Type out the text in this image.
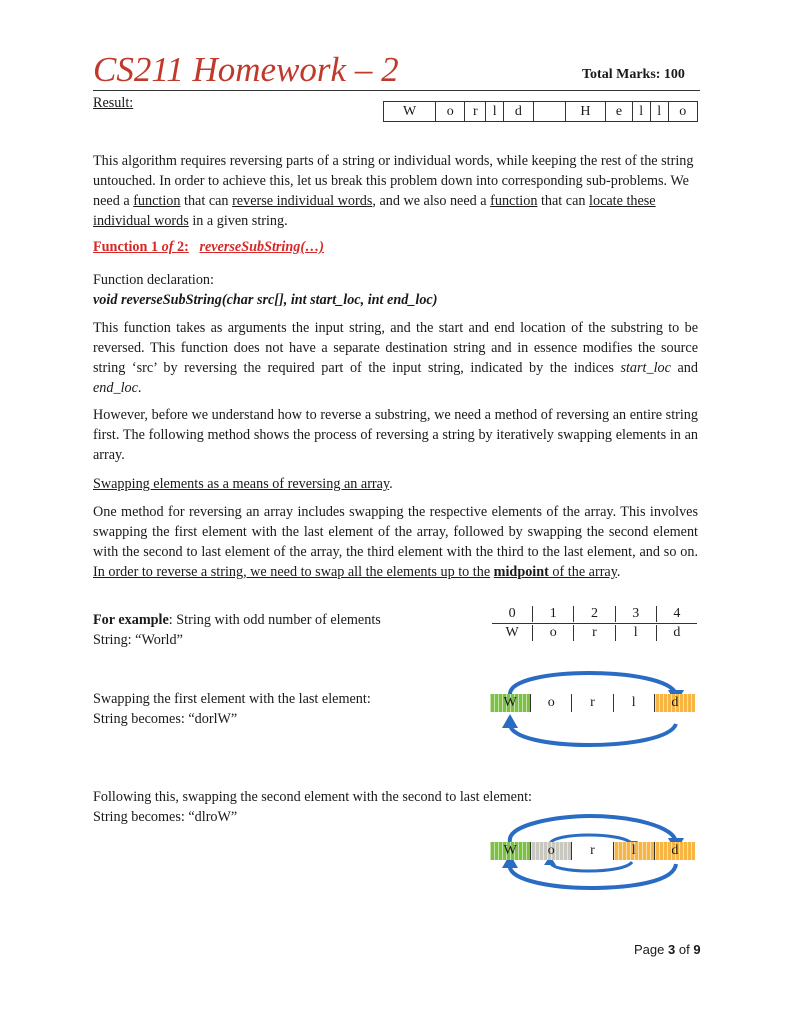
CS211 Homework – 2	Total Marks: 100
Result:	W	o	r	l	d		H	e	l	l	o
This algorithm requires reversing parts of a string or individual words, while keeping the rest of the string untouched. In order to achieve this, let us break this problem down into corresponding sub-problems. We need a function that can reverse individual words, and we also need a function that can locate these individual words in a given string.
Function 1 of 2: reverseSubString(…)
Function declaration:
void reverseSubString(char src[], int start_loc, int end_loc)
This function takes as arguments the input string, and the start and end location of the substring to be reversed. This function does not have a separate destination string and in essence modifies the source string ‘src’ by reversing the required part of the input string, indicated by the indices start_loc and end_loc.
However, before we understand how to reverse a substring, we need a method of reversing an entire string first. The following method shows the process of reversing a string by iteratively swapping elements in an array.
Swapping elements as a means of reversing an array.
One method for reversing an array includes swapping the respective elements of the array. This involves swapping the first element with the last element of the array, followed by swapping the second element with the second to last element of the array, the third element with the third to the last element, and so on. In order to reverse a string, we need to swap all the elements up to the midpoint of the array.
For example: String with odd number of elements
String: “World”
0	1	2	3	4
W	o	r	l	d
Swapping the first element with the last element:
String becomes: “dorlW”
W	o	r	l	d
Following this, swapping the second element with the second to last element:
String becomes: “dlroW”
W	o	r	l	d
Page 3 of 9
